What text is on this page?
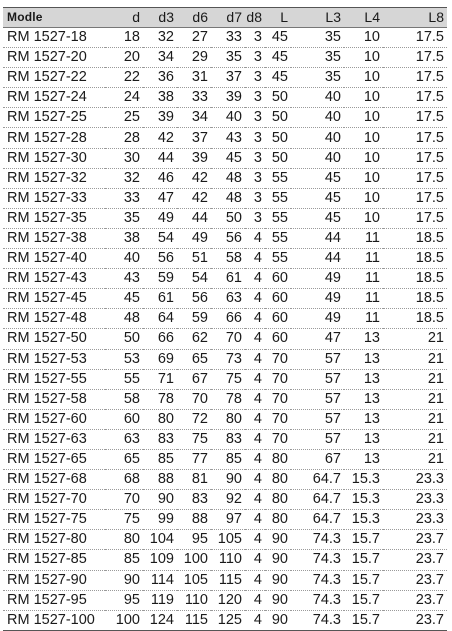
Modle	d	d3	d6	d7	d8	L	L3	L4	L8
RM 1527-18	18	32	27	33	3	45	35	10	17.5
RM 1527-20	20	34	29	35	3	45	35	10	17.5
RM 1527-22	22	36	31	37	3	45	35	10	17.5
RM 1527-24	24	38	33	39	3	50	40	10	17.5
RM 1527-25	25	39	34	40	3	50	40	10	17.5
RM 1527-28	28	42	37	43	3	50	40	10	17.5
RM 1527-30	30	44	39	45	3	50	40	10	17.5
RM 1527-32	32	46	42	48	3	55	45	10	17.5
RM 1527-33	33	47	42	48	3	55	45	10	17.5
RM 1527-35	35	49	44	50	3	55	45	10	17.5
RM 1527-38	38	54	49	56	4	55	44	11	18.5
RM 1527-40	40	56	51	58	4	55	44	11	18.5
RM 1527-43	43	59	54	61	4	60	49	11	18.5
RM 1527-45	45	61	56	63	4	60	49	11	18.5
RM 1527-48	48	64	59	66	4	60	49	11	18.5
RM 1527-50	50	66	62	70	4	60	47	13	21
RM 1527-53	53	69	65	73	4	70	57	13	21
RM 1527-55	55	71	67	75	4	70	57	13	21
RM 1527-58	58	78	70	78	4	70	57	13	21
RM 1527-60	60	80	72	80	4	70	57	13	21
RM 1527-63	63	83	75	83	4	70	57	13	21
RM 1527-65	65	85	77	85	4	80	67	13	21
RM 1527-68	68	88	81	90	4	80	64.7	15.3	23.3
RM 1527-70	70	90	83	92	4	80	64.7	15.3	23.3
RM 1527-75	75	99	88	97	4	80	64.7	15.3	23.3
RM 1527-80	80	104	95	105	4	90	74.3	15.7	23.7
RM 1527-85	85	109	100	110	4	90	74.3	15.7	23.7
RM 1527-90	90	114	105	115	4	90	74.3	15.7	23.7
RM 1527-95	95	119	110	120	4	90	74.3	15.7	23.7
RM 1527-100	100	124	115	125	4	90	74.3	15.7	23.7
